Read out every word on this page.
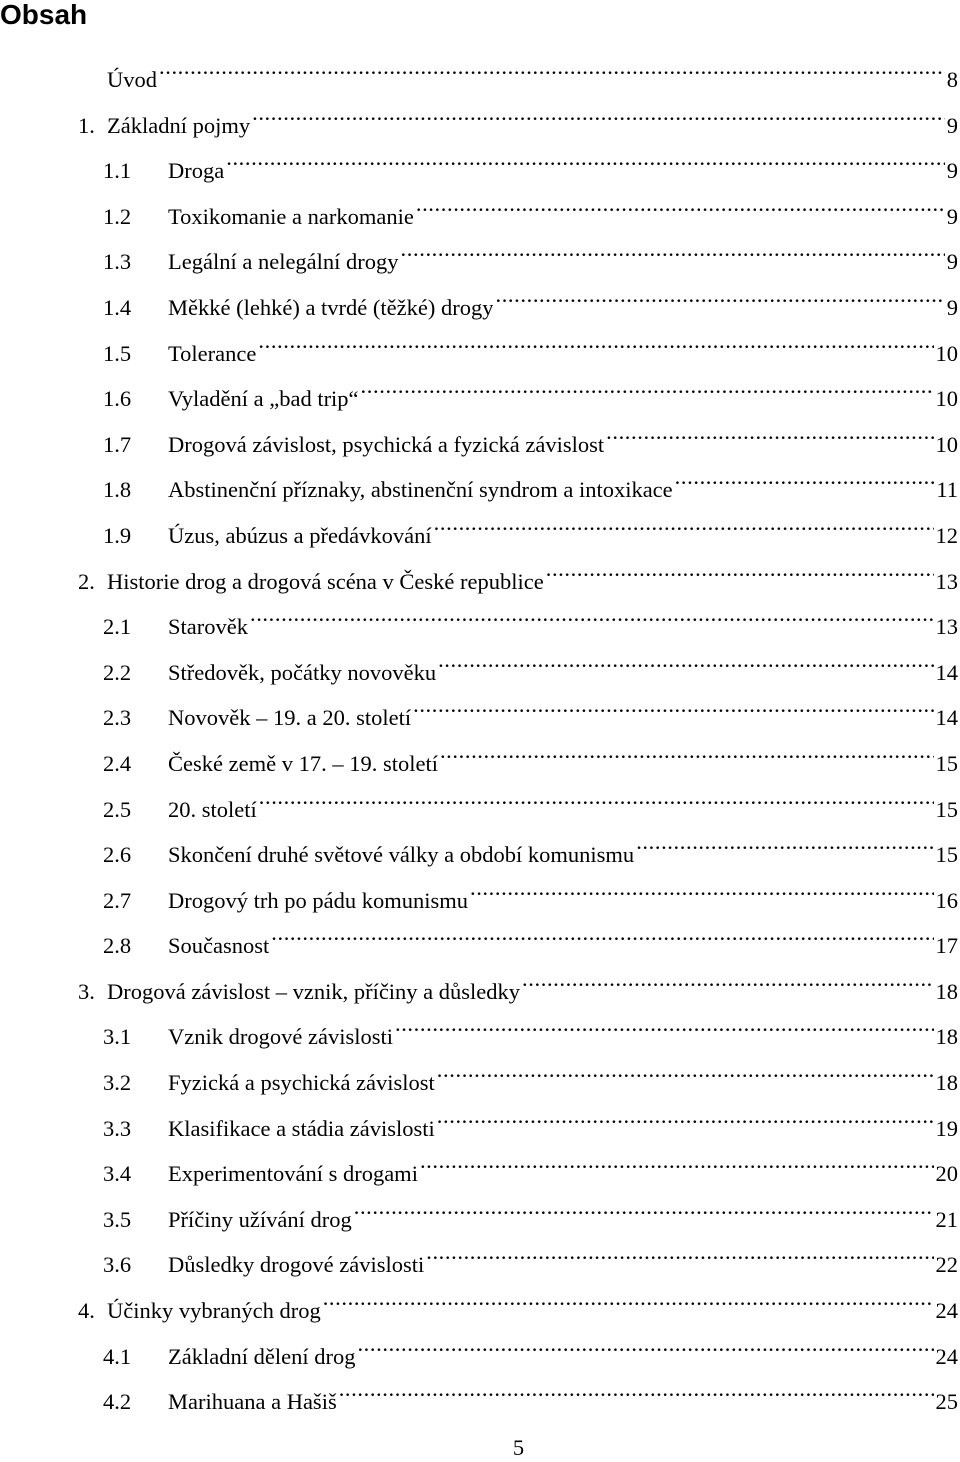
Obsah
Úvod .....	8
1. Základní pojmy .....	9
1.1	Droga .....	9
1.2	Toxikomanie a narkomanie .....	9
1.3	Legální a nelegální drogy .....	9
1.4	Měkké (lehké) a tvrdé (těžké) drogy .....	9
1.5	Tolerance .....	10
1.6	Vyladění a „bad trip“ .....	10
1.7	Drogová závislost, psychická a fyzická závislost .....	10
1.8	Abstinenční příznaky, abstinenční syndrom a intoxikace .....	11
1.9	Úzus, abúzus a předávkování .....	12
2. Historie drog a drogová scéna v České republice .....	13
2.1	Starověk .....	13
2.2	Středověk, počátky novověku .....	14
2.3	Novověk – 19. a 20. století .....	14
2.4	České země v 17. – 19. století .....	15
2.5	20. století .....	15
2.6	Skončení druhé světové války a období komunismu .....	15
2.7	Drogový trh po pádu komunismu .....	16
2.8	Současnost .....	17
3. Drogová závislost – vznik, příčiny a důsledky .....	18
3.1	Vznik drogové závislosti .....	18
3.2	Fyzická a psychická závislost .....	18
3.3	Klasifikace a stádia závislosti .....	19
3.4	Experimentování s drogami .....	20
3.5	Příčiny užívání drog .....	21
3.6	Důsledky drogové závislosti .....	22
4. Účinky vybraných drog .....	24
4.1	Základní dělení drog .....	24
4.2	Marihuana a Hašiš .....	25
5
